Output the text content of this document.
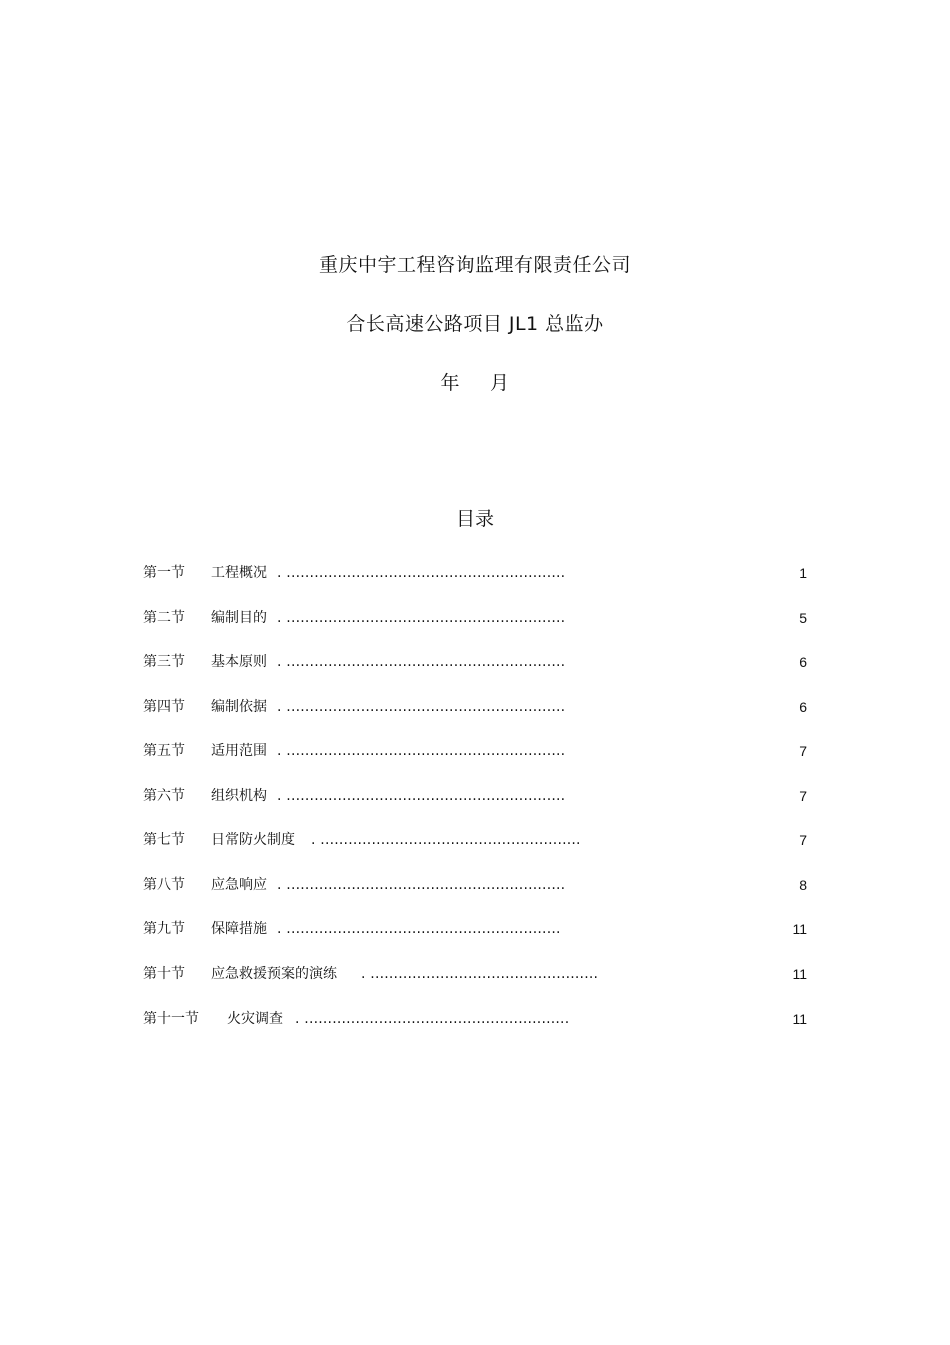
重庆中宇工程咨询监理有限责任公司
合长高速公路项目 JL1 总监办
年 月
目录
第一节 工程概况 . ............................................................	1
第二节 编制目的 . ............................................................	5
第三节 基本原则 . ............................................................	6
第四节 编制依据 . ............................................................	6
第五节 适用范围 . ............................................................	7
第六节 组织机构 . ............................................................	7
第七节 日常防火制度 . ........................................................	7
第八节 应急响应 . ............................................................	8
第九节 保障措施 . ...........................................................	11
第十节 应急救援预案的演练 . .................................................	11
第十一节 火灾调查 . .........................................................	11
